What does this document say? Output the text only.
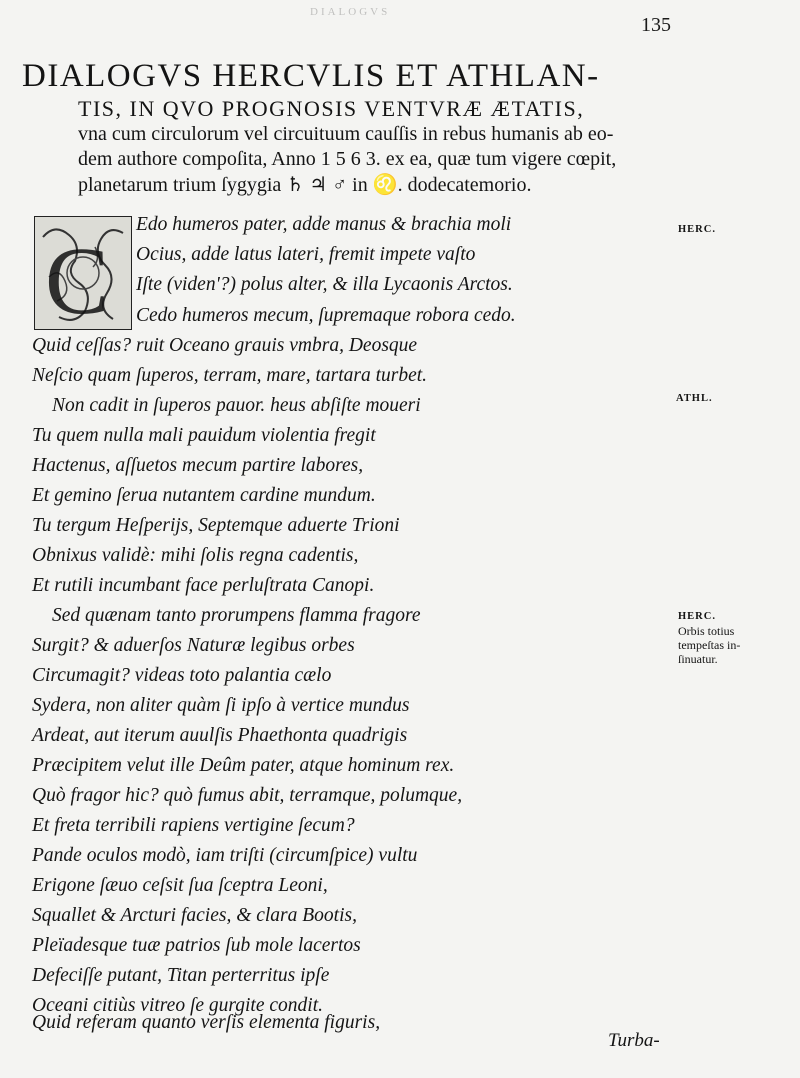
DIALOGVS
135
DIALOGVS HERCVLIS ET ATHLAN-
TIS, IN QVO PROGNOSIS VENTVRÆ ÆTATIS,
vna cum circulorum vel circuituum cauſſis in rebus humanis ab eo-
dem authore compoſita, Anno 1 5 6 3. ex ea, quæ tum vigere cœpit,
planetarum trium ſygygia ♄ ♃ ♂ in ♌. dodecatemorio.
C
Edo humeros pater, adde manus & brachia moli
Ocius, adde latus lateri, fremit impete vaſto
Iſte (viden'?) polus alter, & illa Lycaonis Arctos.
Cedo humeros mecum, ſupremaque robora cedo.
Quid ceſſas? ruit Oceano grauis vmbra, Deosque
Neſcio quam ſuperos, terram, mare, tartara turbet.
Non cadit in ſuperos pauor. heus abſiſte moueri
Tu quem nulla mali pauidum violentia fregit
Hactenus, aſſuetos mecum partire labores,
Et gemino ſerua nutantem cardine mundum.
Tu tergum Heſperijs, Septemque aduerte Trioni
Obnixus validè: mihi ſolis regna cadentis,
Et rutili incumbant face perluſtrata Canopi.
Sed quænam tanto prorumpens flamma fragore
Surgit? & aduerſos Naturæ legibus orbes
Circumagit? videas toto palantia cælo
Sydera, non aliter quàm ſi ipſo à vertice mundus
Ardeat, aut iterum auulſis Phaethonta quadrigis
Præcipitem velut ille Deûm pater, atque hominum rex.
Quò fragor hic? quò fumus abit, terramque, polumque,
Et freta terribili rapiens vertigine ſecum?
Pande oculos modò, iam triſti (circumſpice) vultu
Erigone ſæuo ceſsit ſua ſceptra Leoni,
Squallet & Arcturi facies, & clara Bootis,
Pleïadesque tuæ patrios ſub mole lacertos
Defeciſſe putant, Titan perterritus ipſe
Oceani citiùs vitreo ſe gurgite condit.
Quid referam quanto verſis elementa figuris,
HERC.
ATHL.
HERC.
Orbis totius
tempeſtas in-
ſinuatur.
Turba-
